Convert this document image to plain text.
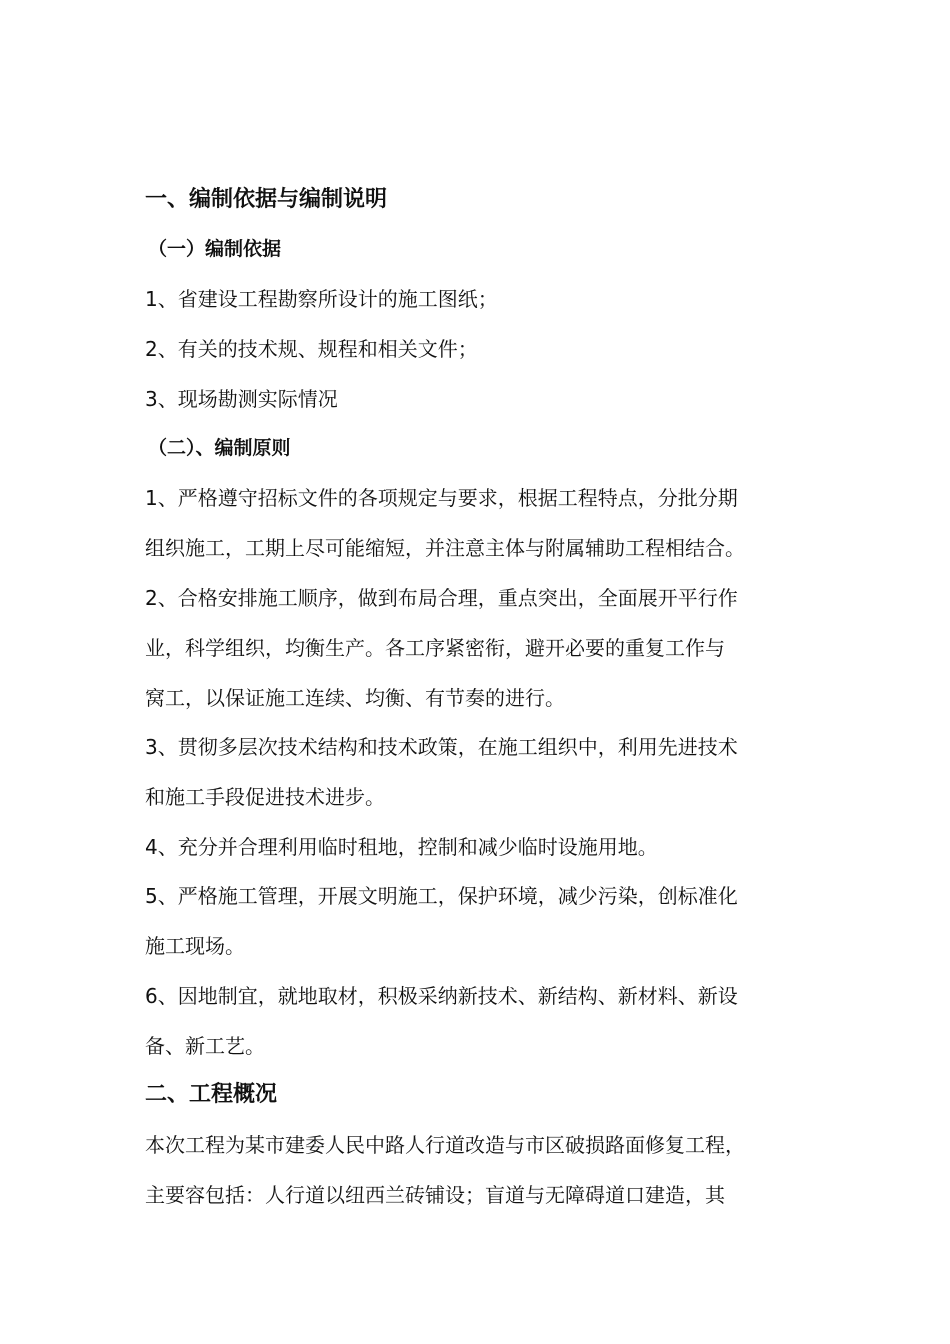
一、编制依据与编制说明
（一）编制依据
1、省建设工程勘察所设计的施工图纸；
2、有关的技术规、规程和相关文件；
3、现场勘测实际情况
（二）、编制原则
1、严格遵守招标文件的各项规定与要求，根据工程特点，分批分期
组织施工，工期上尽可能缩短，并注意主体与附属辅助工程相结合。
2、合格安排施工顺序，做到布局合理，重点突出，全面展开平行作
业，科学组织，均衡生产。各工序紧密衔，避开必要的重复工作与
窝工，以保证施工连续、均衡、有节奏的进行。
3、贯彻多层次技术结构和技术政策，在施工组织中，利用先进技术
和施工手段促进技术进步。
4、充分并合理利用临时租地，控制和减少临时设施用地。
5、严格施工管理，开展文明施工，保护环境，减少污染，创标准化
施工现场。
6、因地制宜，就地取材，积极采纳新技术、新结构、新材料、新设
备、新工艺。
二、工程概况
本次工程为某市建委人民中路人行道改造与市区破损路面修复工程，
主要容包括：人行道以纽西兰砖铺设；盲道与无障碍道口建造，其
